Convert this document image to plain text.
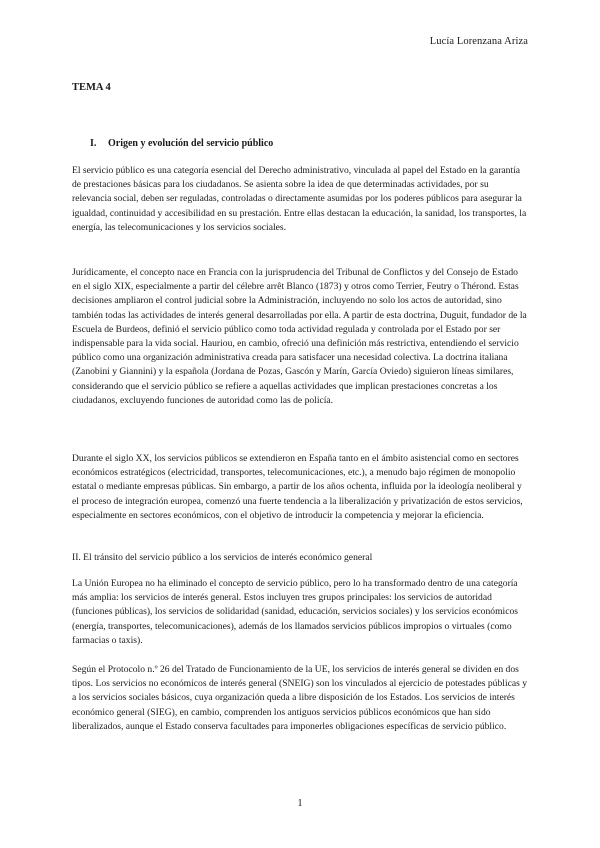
Lucía Lorenzana Ariza
TEMA 4
I. Origen y evolución del servicio público

El servicio público es una categoría esencial del Derecho administrativo, vinculada al papel del Estado en la garantía de prestaciones básicas para los ciudadanos. Se asienta sobre la idea de que determinadas actividades, por su relevancia social, deben ser reguladas, controladas o directamente asumidas por los poderes públicos para asegurar la igualdad, continuidad y accesibilidad en su prestación. Entre ellas destacan la educación, la sanidad, los transportes, la energía, las telecomunicaciones y los servicios sociales.

Jurídicamente, el concepto nace en Francia con la jurisprudencia del Tribunal de Conflictos y del Consejo de Estado en el siglo XIX, especialmente a partir del célebre arrêt Blanco (1873) y otros como Terrier, Feutry o Thérond. Estas decisiones ampliaron el control judicial sobre la Administración, incluyendo no solo los actos de autoridad, sino también todas las actividades de interés general desarrolladas por ella. A partir de esta doctrina, Duguit, fundador de la Escuela de Burdeos, definió el servicio público como toda actividad regulada y controlada por el Estado por ser indispensable para la vida social. Hauriou, en cambio, ofreció una definición más restrictiva, entendiendo el servicio público como una organización administrativa creada para satisfacer una necesidad colectiva. La doctrina italiana (Zanobini y Giannini) y la española (Jordana de Pozas, Gascón y Marín, García Oviedo) siguieron líneas similares, considerando que el servicio público se refiere a aquellas actividades que implican prestaciones concretas a los ciudadanos, excluyendo funciones de autoridad como las de policía.

Durante el siglo XX, los servicios públicos se extendieron en España tanto en el ámbito asistencial como en sectores económicos estratégicos (electricidad, transportes, telecomunicaciones, etc.), a menudo bajo régimen de monopolio estatal o mediante empresas públicas. Sin embargo, a partir de los años ochenta, influida por la ideología neoliberal y el proceso de integración europea, comenzó una fuerte tendencia a la liberalización y privatización de estos servicios, especialmente en sectores económicos, con el objetivo de introducir la competencia y mejorar la eficiencia.

II. El tránsito del servicio público a los servicios de interés económico general

La Unión Europea no ha eliminado el concepto de servicio público, pero lo ha transformado dentro de una categoría más amplia: los servicios de interés general. Estos incluyen tres grupos principales: los servicios de autoridad (funciones públicas), los servicios de solidaridad (sanidad, educación, servicios sociales) y los servicios económicos (energía, transportes, telecomunicaciones), además de los llamados servicios públicos impropios o virtuales (como farmacias o taxis).

Según el Protocolo n.º 26 del Tratado de Funcionamiento de la UE, los servicios de interés general se dividen en dos tipos. Los servicios no económicos de interés general (SNEIG) son los vinculados al ejercicio de potestades públicas y a los servicios sociales básicos, cuya organización queda a libre disposición de los Estados. Los servicios de interés económico general (SIEG), en cambio, comprenden los antiguos servicios públicos económicos que han sido liberalizados, aunque el Estado conserva facultades para imponerles obligaciones específicas de servicio público.

1
